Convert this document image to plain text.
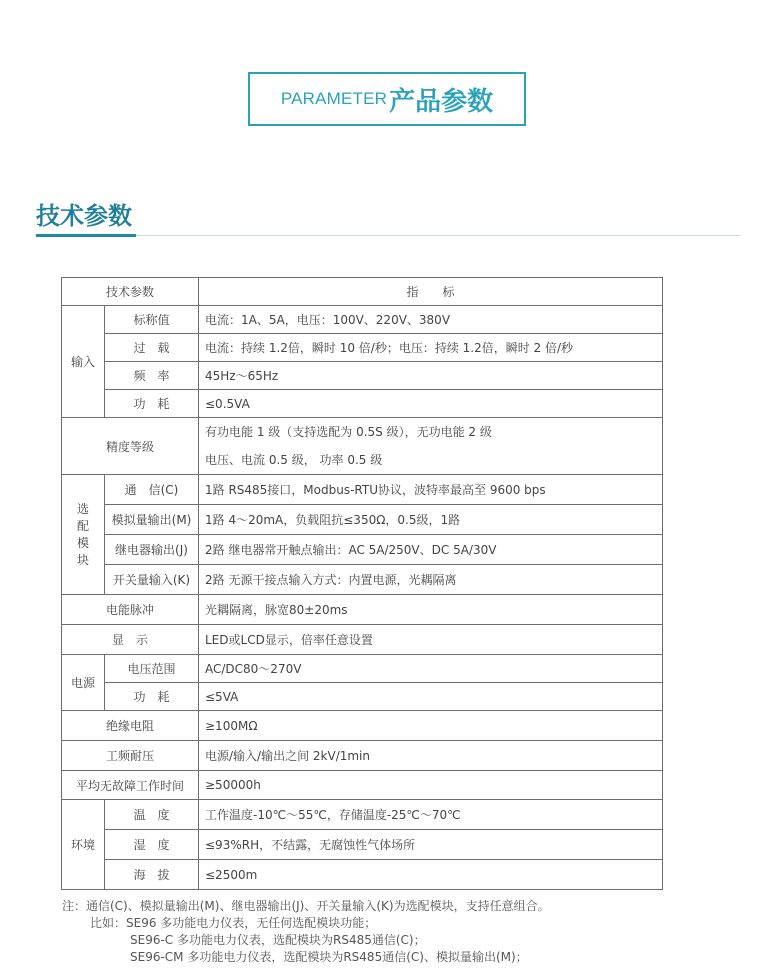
PARAMETER 产品参数
技术参数
技术参数		指　　标
输入	标称值	电流：1A、5A，电压：100V、220V、380V
	过　载	电流：持续 1.2倍，瞬时 10 倍/秒；电压：持续 1.2倍，瞬时 2 倍/秒
	频　率	45Hz～65Hz
	功　耗	≤0.5VA
精度等级		有功电能 1 级（支持选配为 0.5S 级），无功电能 2 级
电压、电流 0.5 级， 功率 0.5 级

选
配
模
块	通　信(C)	1路 RS485接口，Modbus-RTU协议，波特率最高至 9600 bps
	模拟量输出(M)	1路 4～20mA，负载阻抗≤350Ω，0.5级，1路
	继电器输出(J)	2路 继电器常开触点输出：AC 5A/250V、DC 5A/30V
	开关量输入(K)	2路 无源干接点输入方式：内置电源，光耦隔离
电能脉冲		光耦隔离，脉宽80±20ms
显　示		LED或LCD显示，倍率任意设置
电源	电压范围	AC/DC80～270V
	功　耗	≤5VA
绝缘电阻		≥100MΩ
工频耐压		电源/输入/输出之间 2kV/1min
平均无故障工作时间		≥50000h
环境	温　度	工作温度-10℃～55℃，存储温度-25℃～70℃
	湿　度	≤93%RH，不结露，无腐蚀性气体场所
	海　拔	≤2500m
注：通信(C)、模拟量输出(M)、继电器输出(J)、开关量输入(K)为选配模块，支持任意组合。
比如：SE96 多功能电力仪表，无任何选配模块功能；
SE96-C 多功能电力仪表，选配模块为RS485通信(C)；
SE96-CM 多功能电力仪表，选配模块为RS485通信(C)、模拟量输出(M)；
